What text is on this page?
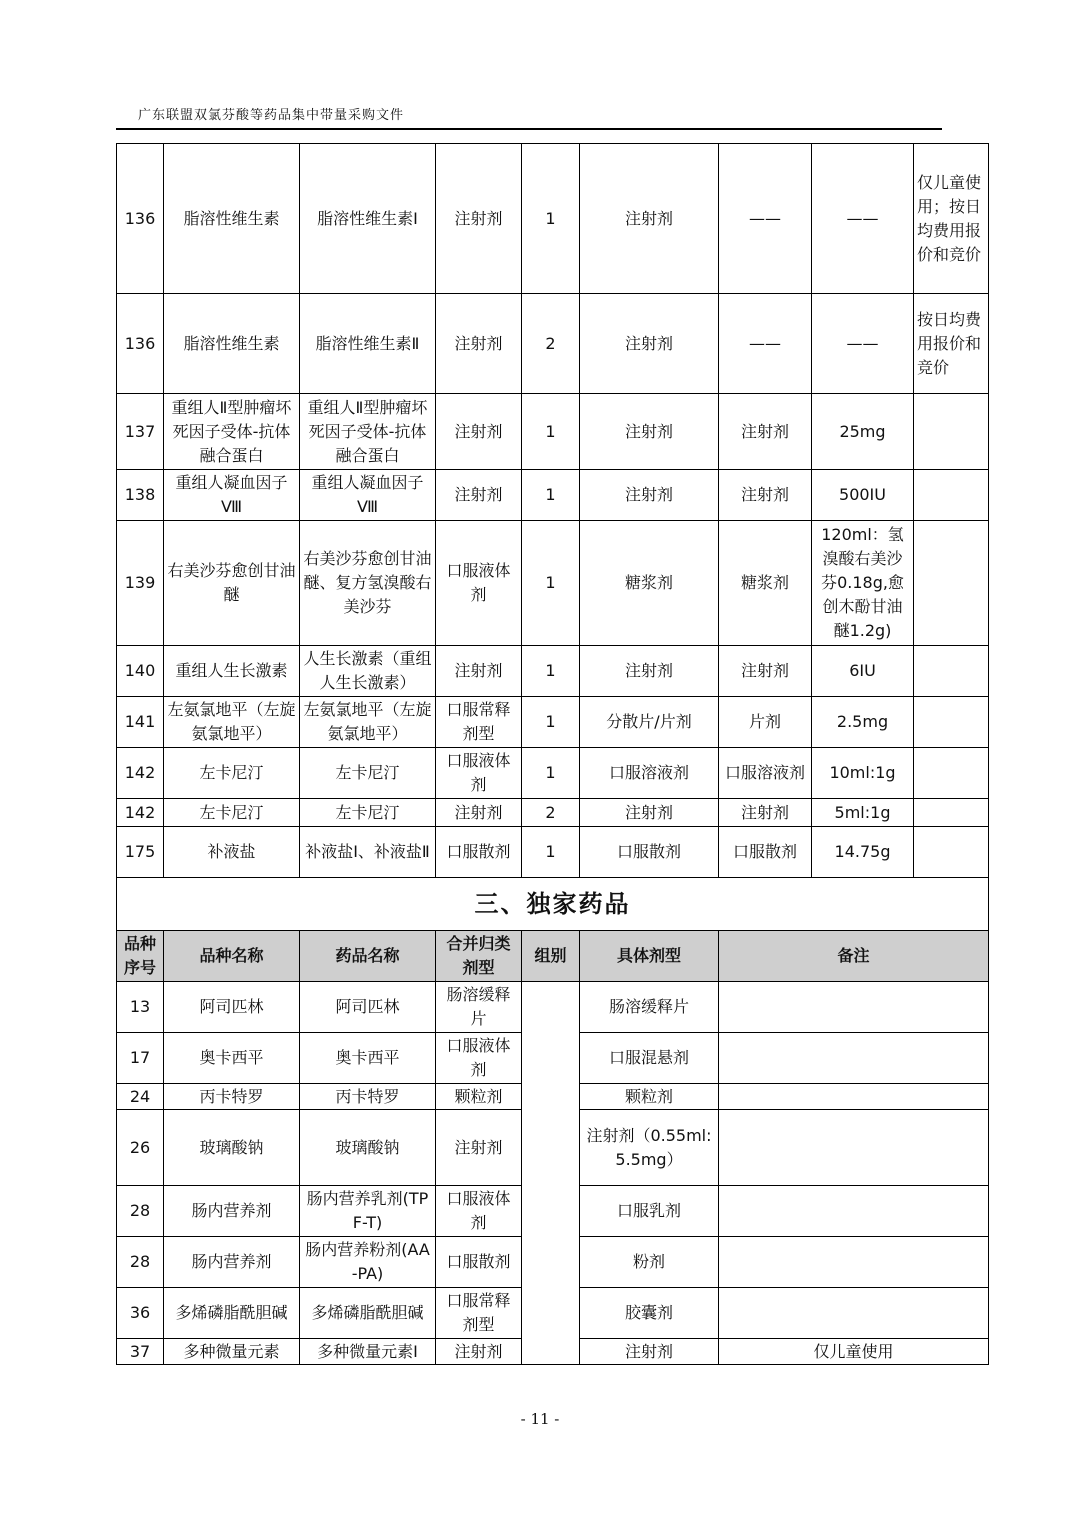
广东联盟双氯芬酸等药品集中带量采购文件
136	脂溶性维生素	脂溶性维生素Ⅰ	注射剂	1	注射剂	——	——	仅儿童使用；按日均费用报价和竞价
136	脂溶性维生素	脂溶性维生素Ⅱ	注射剂	2	注射剂	——	——	按日均费用报价和竞价
137	重组人Ⅱ型肿瘤坏死因子受体-抗体融合蛋白	重组人Ⅱ型肿瘤坏死因子受体-抗体融合蛋白	注射剂	1	注射剂	注射剂	25mg	
138	重组人凝血因子Ⅷ	重组人凝血因子Ⅷ	注射剂	1	注射剂	注射剂	500IU	
139	右美沙芬愈创甘油醚	右美沙芬愈创甘油醚、复方氢溴酸右美沙芬	口服液体剂	1	糖浆剂	糖浆剂	120ml：氢溴酸右美沙芬0.18g,愈创木酚甘油醚1.2g)	
140	重组人生长激素	人生长激素（重组人生长激素）	注射剂	1	注射剂	注射剂	6IU	
141	左氨氯地平（左旋氨氯地平）	左氨氯地平（左旋氨氯地平）	口服常释剂型	1	分散片/片剂	片剂	2.5mg	
142	左卡尼汀	左卡尼汀	口服液体剂	1	口服溶液剂	口服溶液剂	10ml:1g	
142	左卡尼汀	左卡尼汀	注射剂	2	注射剂	注射剂	5ml:1g	
175	补液盐	补液盐Ⅰ、补液盐Ⅱ	口服散剂	1	口服散剂	口服散剂	14.75g	
三、独家药品								
品种序号	品种名称	药品名称	合并归类剂型	组别	具体剂型	备注		
13	阿司匹林	阿司匹林	肠溶缓释片		肠溶缓释片			
17	奥卡西平	奥卡西平	口服液体剂		口服混悬剂			
24	丙卡特罗	丙卡特罗	颗粒剂		颗粒剂			
26	玻璃酸钠	玻璃酸钠	注射剂		注射剂（0.55ml:5.5mg）			
28	肠内营养剂	肠内营养乳剂(TPF-T)	口服液体剂		口服乳剂			
28	肠内营养剂	肠内营养粉剂(AA-PA)	口服散剂		粉剂			
36	多烯磷脂酰胆碱	多烯磷脂酰胆碱	口服常释剂型		胶囊剂			
37	多种微量元素	多种微量元素Ⅰ	注射剂		注射剂	仅儿童使用		
- 11 -
